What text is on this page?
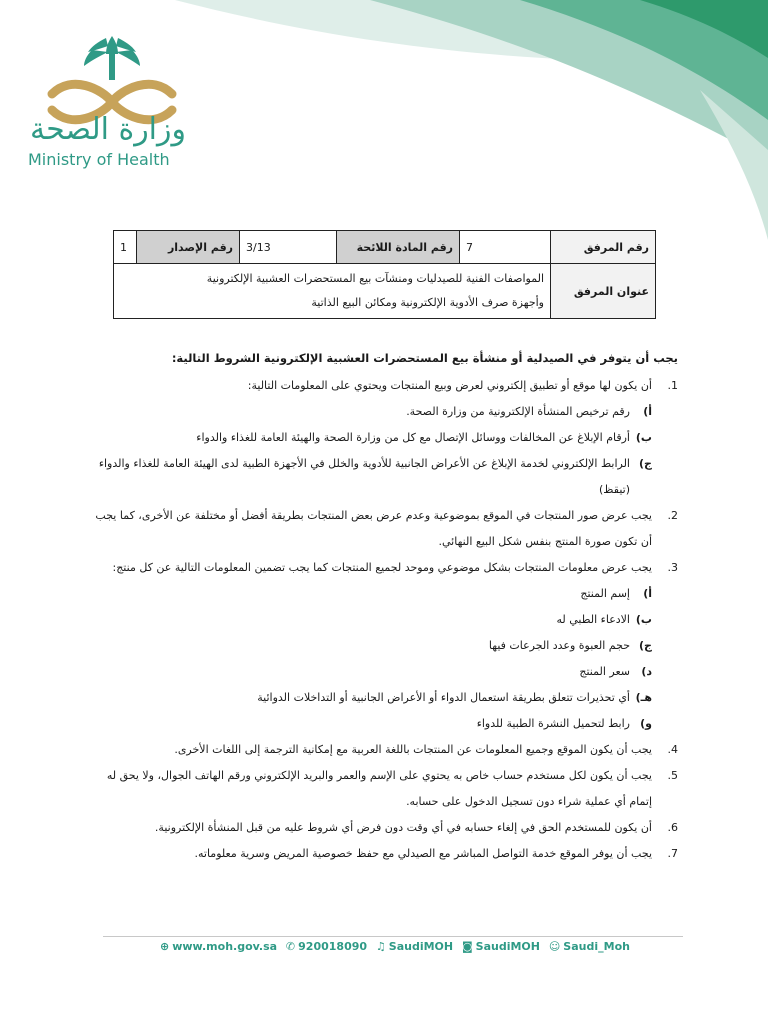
وزارة الصحة
Ministry of Health
رقم المرفق	7	رقم المادة اللائحة	3/13	رقم الإصدار	1
عنوان المرفق	المواصفات الفنية للصيدليات ومنشآت بيع المستحضرات العشبية الإلكترونية
وأجهزة صرف الأدوية الإلكترونية ومكائن البيع الذاتية				

يجب أن يتوفر في الصيدلية أو منشأة بيع المستحضرات العشبية الإلكترونية الشروط التالية:

1.
أن يكون لها موقع أو تطبيق إلكتروني لعرض وبيع المنتجات ويحتوي على المعلومات التالية:

أ)
رقم ترخيص المنشأة الإلكترونية من وزارة الصحة.

ب)
أرقام الإبلاغ عن المخالفات ووسائل الإتصال مع كل من وزارة الصحة والهيئة العامة للغذاء والدواء

ج)
الرابط الإلكتروني لخدمة الإبلاغ عن الأعراض الجانبية للأدوية والخلل في الأجهزة الطبية لدى الهيئة العامة للغذاء والدواء (تيقظ)

2.
يجب عرض صور المنتجات في الموقع بموضوعية وعدم عرض بعض المنتجات بطريقة أفضل أو مختلفة عن الأخرى، كما يجب أن تكون صورة المنتج بنفس شكل البيع النهائي.

3.
يجب عرض معلومات المنتجات بشكل موضوعي وموحد لجميع المنتجات كما يجب تضمين المعلومات التالية عن كل منتج:

أ)
إسم المنتج

ب)
الادعاء الطبي له

ج)
حجم العبوة وعدد الجرعات فيها

د)
سعر المنتج

هـ)
أي تحذيرات تتعلق بطريقة استعمال الدواء أو الأعراض الجانبية أو التداخلات الدوائية

و)
رابط لتحميل النشرة الطبية للدواء

4.
يجب أن يكون الموقع وجميع المعلومات عن المنتجات باللغة العربية مع إمكانية الترجمة إلى اللغات الأخرى.

5.
يجب أن يكون لكل مستخدم حساب خاص به يحتوي على الإسم والعمر والبريد الإلكتروني ورقم الهاتف الجوال، ولا يحق له إتمام أي عملية شراء دون تسجيل الدخول على حسابه.

6.
أن يكون للمستخدم الحق في إلغاء حسابه في أي وقت دون فرض أي شروط عليه من قبل المنشأة الإلكترونية.

7.
يجب أن يوفر الموقع خدمة التواصل المباشر مع الصيدلي مع حفظ خصوصية المريض وسرية معلوماته.

⊕ www.moh.gov.sa ✆ 920018090 ♫ SaudiMOH ◙ SaudiMOH ☺ Saudi_Moh
